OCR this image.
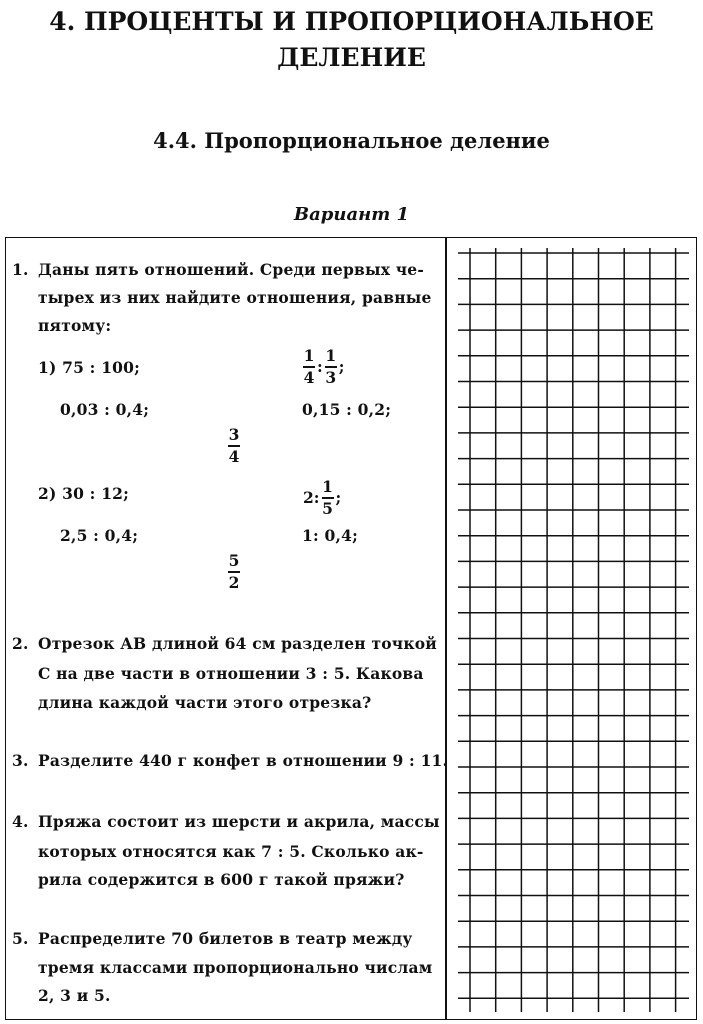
4. ПРОЦЕНТЫ И ПРОПОРЦИОНАЛЬНОЕ
ДЕЛЕНИЕ
4.4. Пропорциональное деление
Вариант 1
1. Даны пять отношений. Среди первых че-
тырех из них найдите отношения, равные
пятому:
1) 75 : 100;	$\frac{1}{4}$ : $\frac{1}{3}$ ;
0,03 : 0,4;	0,15 : 0,2;
3
4
2) 30 : 12;	2: $\frac{1}{5}$ ;
2,5 : 0,4;	1: 0,4;
5
2
2. Отрезок АВ длиной 64 см разделен точкой
С на две части в отношении 3 : 5. Какова
длина каждой части этого отрезка?
3. Разделите 440 г конфет в отношении 9 : 11.
4. Пряжа состоит из шерсти и акрила, массы
которых относятся как 7 : 5. Сколько ак-
рила содержится в 600 г такой пряжи?
5. Распределите 70 билетов в театр между
тремя классами пропорционально числам
2, 3 и 5.
